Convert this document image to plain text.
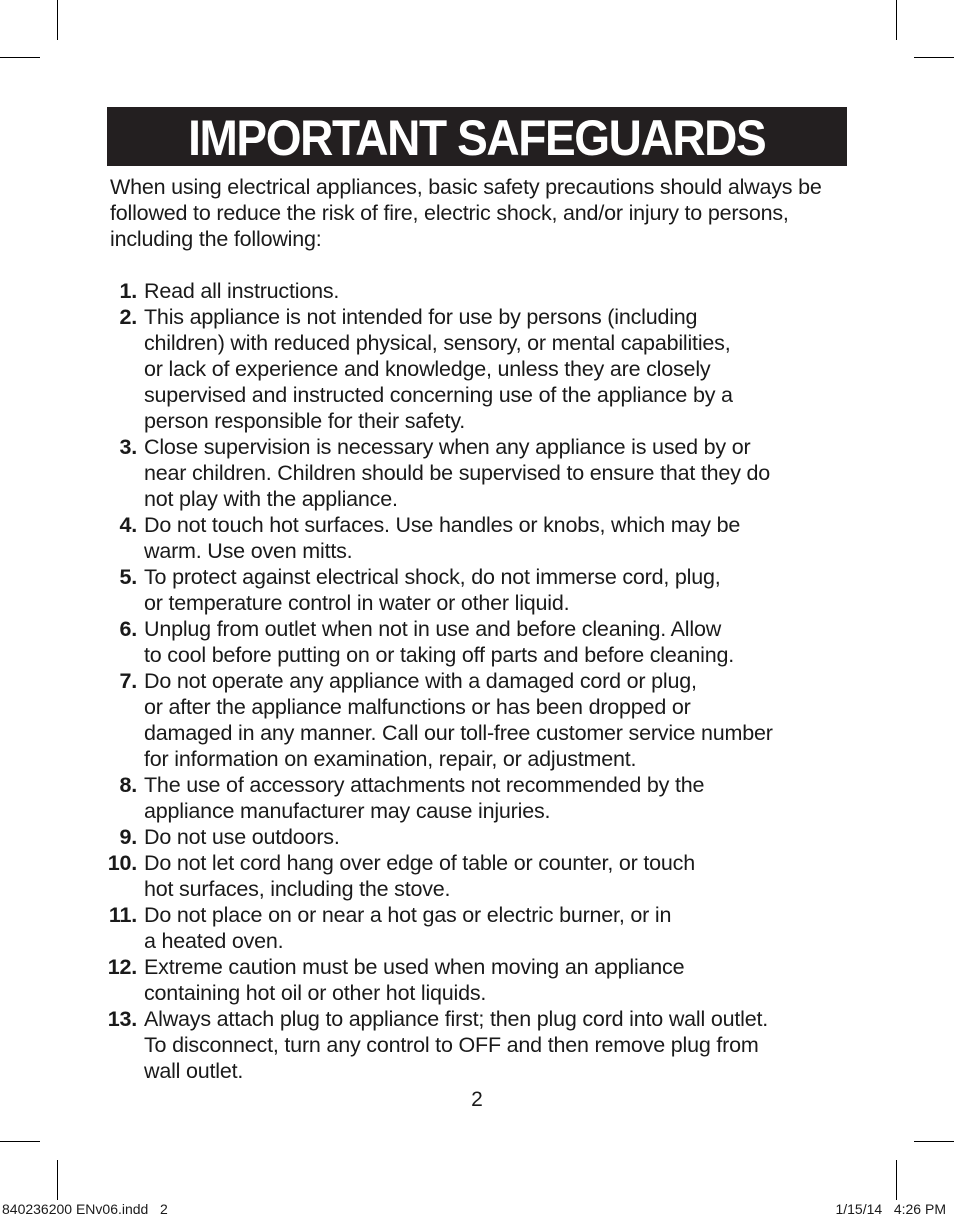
IMPORTANT SAFEGUARDS

When using electrical appliances, basic safety precautions should always be followed to reduce the risk of fire, electric shock, and/or injury to persons, including the following:

1. Read all instructions.
2. This appliance is not intended for use by persons (including
children) with reduced physical, sensory, or mental capabilities,
or lack of experience and knowledge, unless they are closely
supervised and instructed concerning use of the appliance by a
person responsible for their safety.
3. Close supervision is necessary when any appliance is used by or
near children. Children should be supervised to ensure that they do
not play with the appliance.
4. Do not touch hot surfaces. Use handles or knobs, which may be
warm. Use oven mitts.
5. To protect against electrical shock, do not immerse cord, plug,
or temperature control in water or other liquid.
6. Unplug from outlet when not in use and before cleaning. Allow
to cool before putting on or taking off parts and before cleaning.
7. Do not operate any appliance with a damaged cord or plug,
or after the appliance malfunctions or has been dropped or
damaged in any manner. Call our toll-free customer service number
for information on examination, repair, or adjustment.
8. The use of accessory attachments not recommended by the
appliance manufacturer may cause injuries.
9. Do not use outdoors.
10. Do not let cord hang over edge of table or counter, or touch
hot surfaces, including the stove.
11. Do not place on or near a hot gas or electric burner, or in
a heated oven.
12. Extreme caution must be used when moving an appliance
containing hot oil or other hot liquids.
13. Always attach plug to appliance first; then plug cord into wall outlet.
To disconnect, turn any control to OFF and then remove plug from
wall outlet.
2
840236200 ENv06.indd   2	1/15/14   4:26 PM
